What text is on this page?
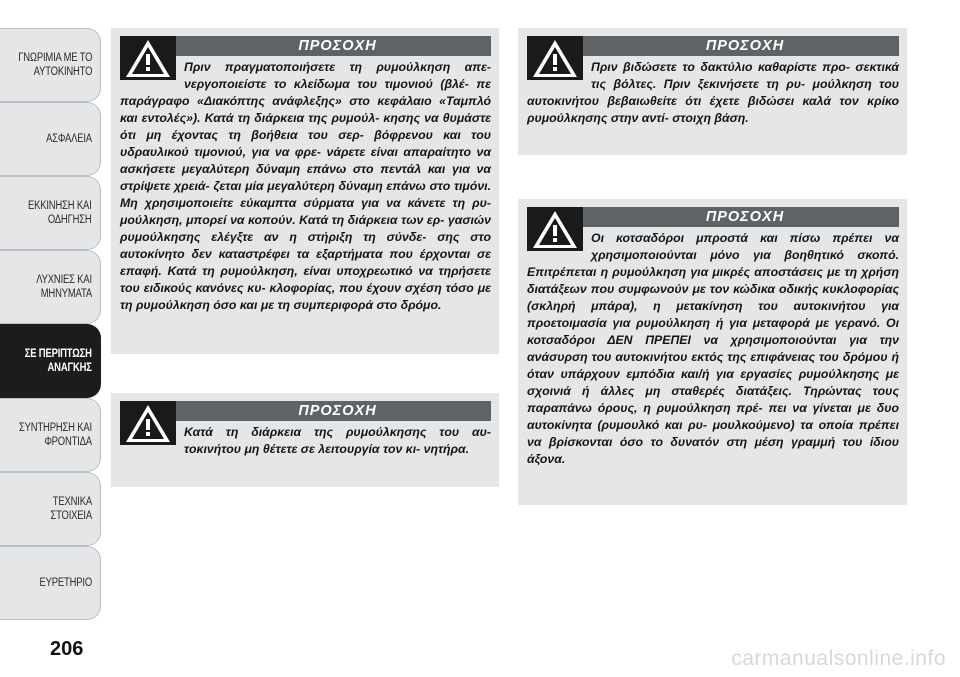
ΓΝΩΡΙΜΙΑ ΜΕ ΤΟ
ΑΥΤΟΚΙΝΗΤΟ
ΑΣΦΑΛΕΙΑ
ΕΚΚΙΝΗΣΗ ΚΑΙ
ΟΔΗΓΗΣΗ
ΛΥΧΝΙΕΣ ΚΑΙ
ΜΗΝΥΜΑΤΑ
ΣΕ ΠΕΡΙΠΤΩΣΗ
ΑΝΑΓΚΗΣ
ΣΥΝΤΗΡΗΣΗ ΚΑΙ
ΦΡΟΝΤΙΔΑ
ΤΕΧΝΙΚΑ ΣΤΟΙΧΕΙΑ
ΕΥΡΕΤΗΡΙΟ
206
ΠΡΟΣΟΧΗ

Πριν πραγματοποιήσετε τη ρυμούλκηση απε- νεργοποιείστε το κλείδωμα του τιμονιού (βλέ- πε παράγραφο «Διακόπτης ανάφλεξης» στο κεφάλαιο «Ταμπλό και εντολές»). Κατά τη διάρκεια της ρυμούλ- κησης να θυμάστε ότι μη έχοντας τη βοήθεια του σερ- βόφρενου και του υδραυλικού τιμονιού, για να φρε- νάρετε είναι απαραίτητο να ασκήσετε μεγαλύτερη δύναμη επάνω στο πεντάλ και για να στρίψετε χρειά- ζεται μία μεγαλύτερη δύναμη επάνω στο τιμόνι. Μη χρησιμοποιείτε εύκαμπτα σύρματα για να κάνετε τη ρυ- μούλκηση, μπορεί να κοπούν. Κατά τη διάρκεια των ερ- γασιών ρυμούλκησης ελέγξτε αν η στήριξη τη σύνδε- σης στο αυτοκίνητο δεν καταστρέφει τα εξαρτήματα που έρχονται σε επαφή. Κατά τη ρυμούλκηση, είναι υποχρεωτικό να τηρήσετε του ειδικούς κανόνες κυ- κλοφορίας, που έχουν σχέση τόσο με τη ρυμούλκηση όσο και με τη συμπεριφορά στο δρόμο.

ΠΡΟΣΟΧΗ

Κατά τη διάρκεια της ρυμούλκησης του αυ- τοκινήτου μη θέτετε σε λειτουργία τον κι- νητήρα.

ΠΡΟΣΟΧΗ

Πριν βιδώσετε το δακτύλιο καθαρίστε προ- σεκτικά τις βόλτες. Πριν ξεκινήσετε τη ρυ- μούλκηση του αυτοκινήτου βεβαιωθείτε ότι έχετε βιδώσει καλά τον κρίκο ρυμούλκησης στην αντί- στοιχη βάση.

ΠΡΟΣΟΧΗ

Οι κοτσαδόροι μπροστά και πίσω πρέπει να χρησιμοποιούνται μόνο για βοηθητικό σκοπό. Επιτρέπεται η ρυμούλκηση για μικρές αποστάσεις με τη χρήση διατάξεων που συμφωνούν με τον κώδικα οδικής κυκλοφορίας (σκληρή μπάρα), η μετακίνηση του αυτοκινήτου για προετοιμασία για ρυμούλκηση ή για μεταφορά με γερανό. Οι κοτσαδόροι ΔΕΝ ΠΡΕΠΕΙ να χρησιμοποιούνται για την ανάσυρση του αυτοκινήτου εκτός της επιφάνειας του δρόμου ή όταν υπάρχουν εμπόδια και/ή για εργασίες ρυμούλκησης με σχοινιά ή άλλες μη σταθερές διατάξεις. Τηρώντας τους παραπάνω όρους, η ρυμούλκηση πρέ- πει να γίνεται με δυο αυτοκίνητα (ρυμουλκό και ρυ- μουλκούμενο) τα οποία πρέπει να βρίσκονται όσο το δυνατόν στη μέση γραμμή του ίδιου άξονα.

carmanualsonline.info
